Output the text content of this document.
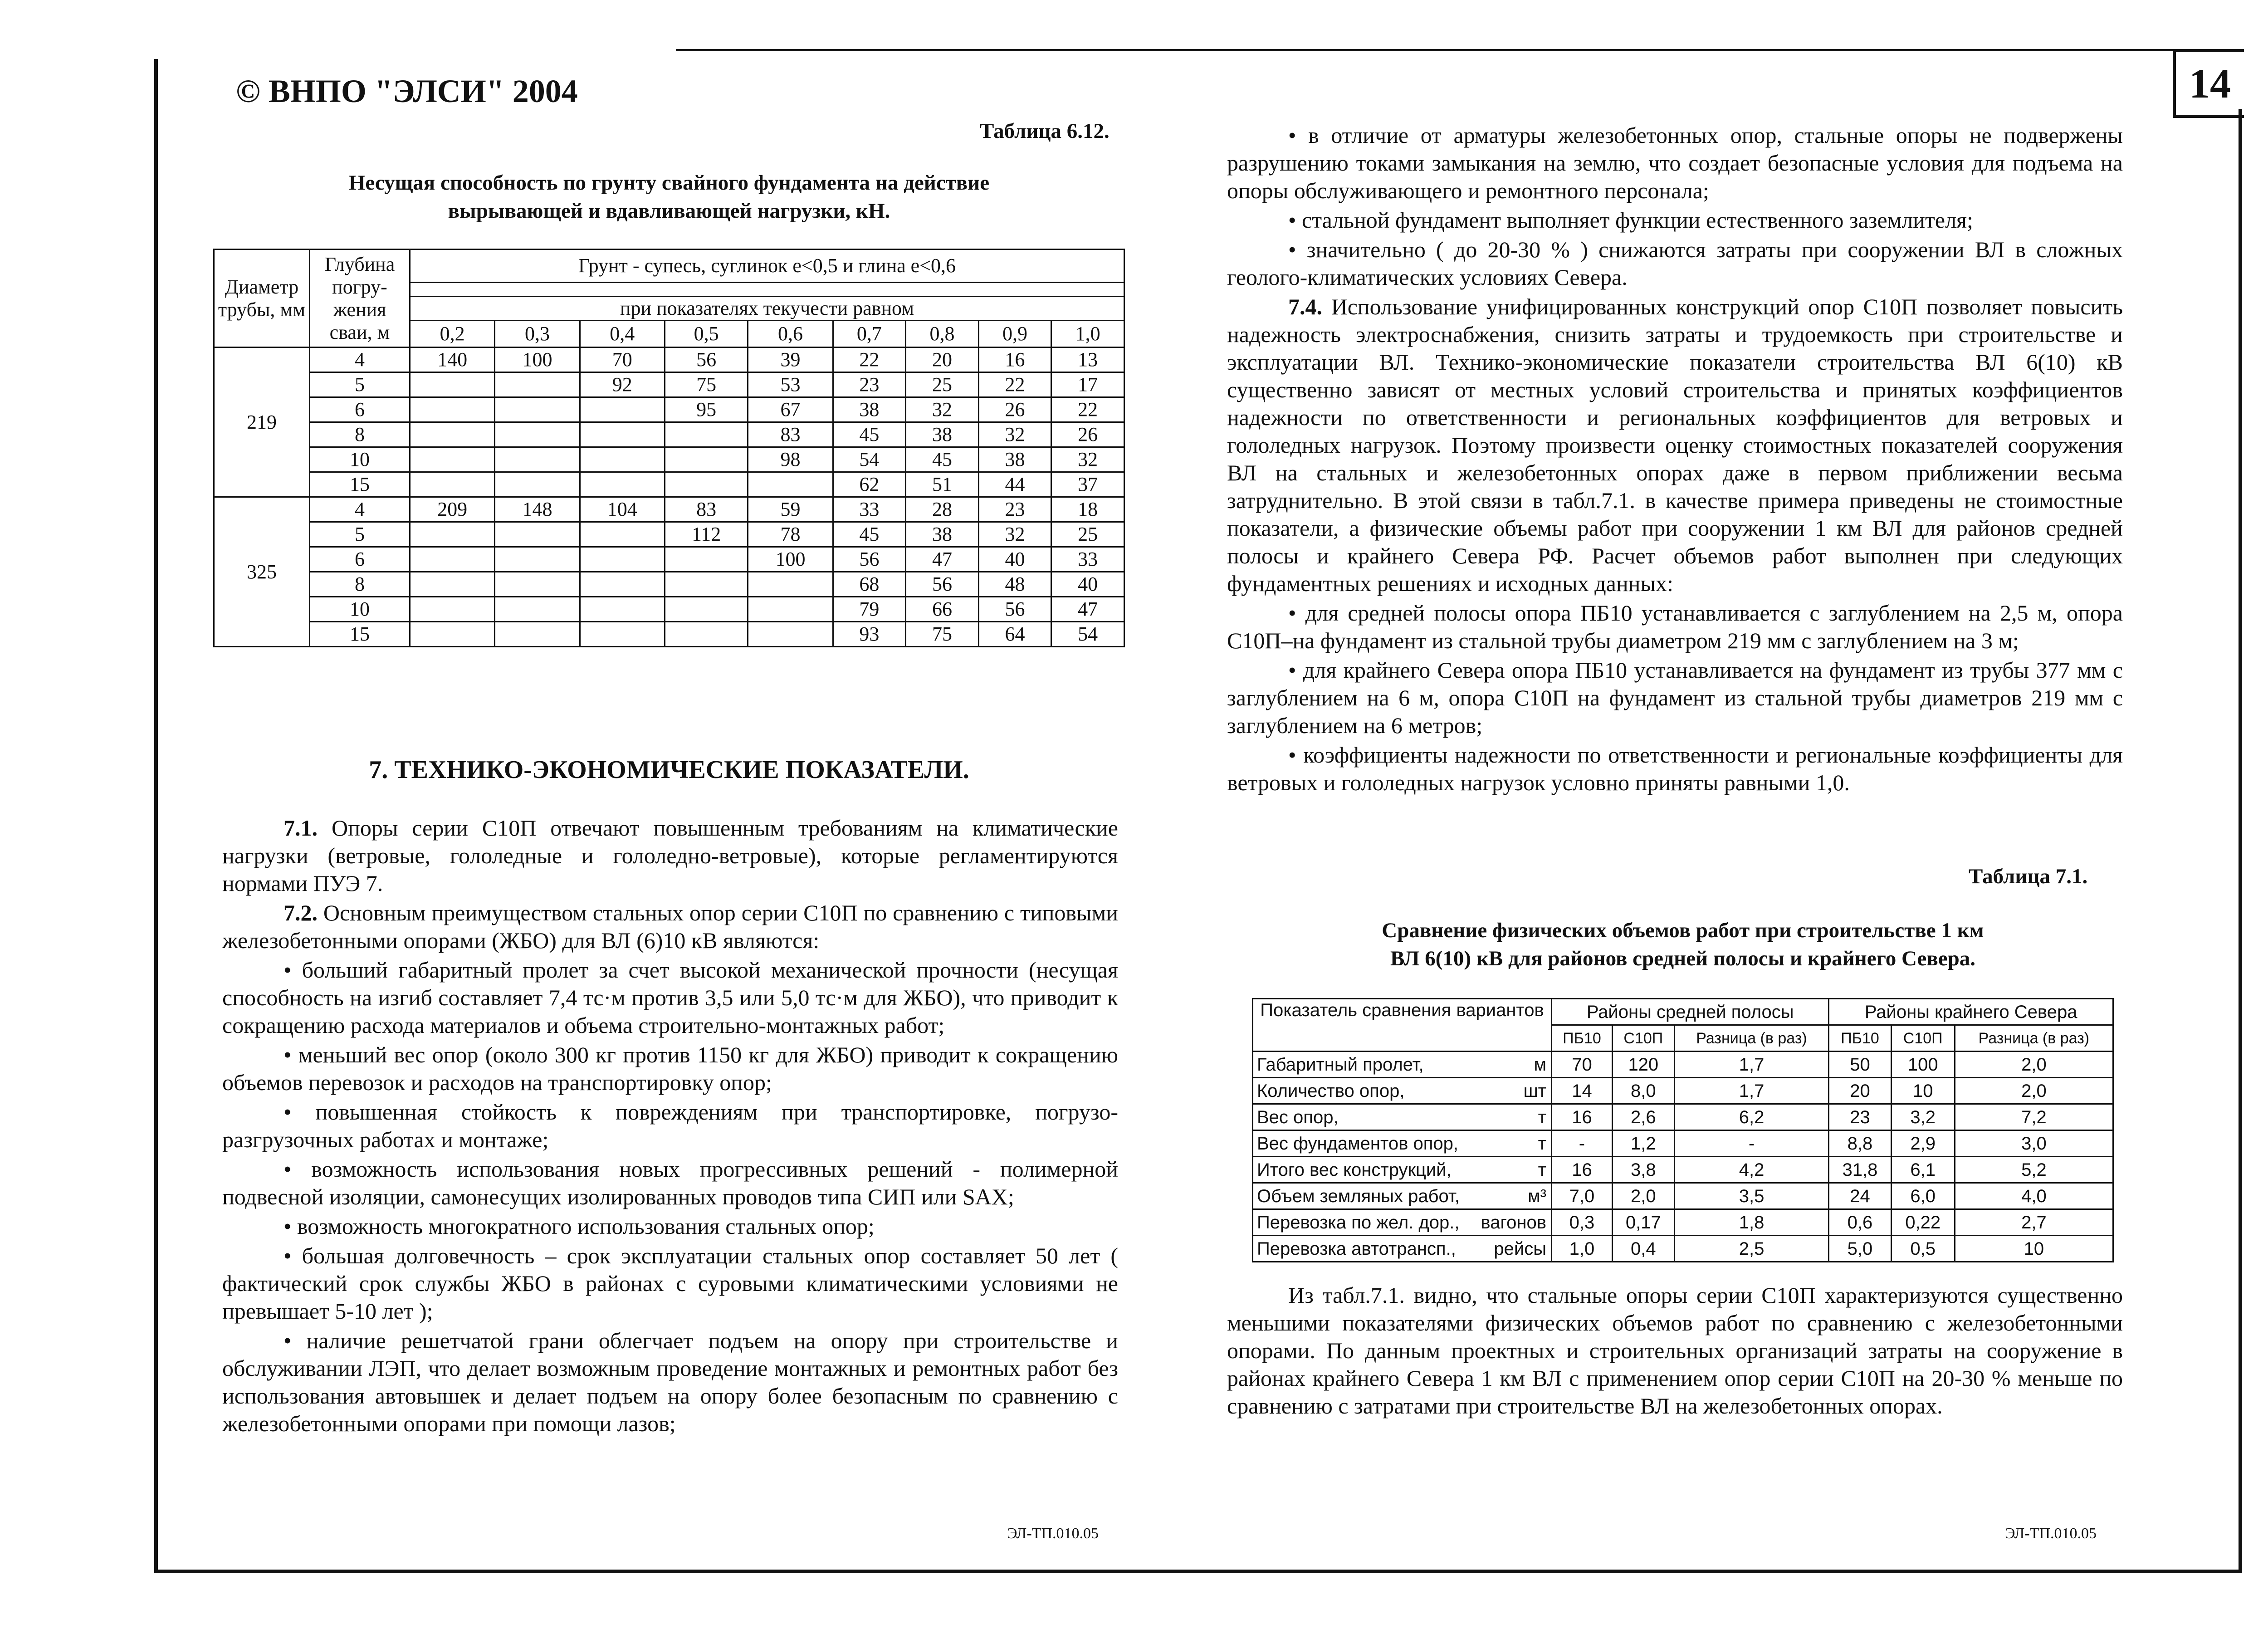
14
© ВНПО "ЭЛСИ" 2004
Таблица 6.12.
Несущая способность по грунту свайного фундамента на действие
вырывающей и вдавливающей нагрузки, кН.
Диаметр трубы, мм	Глубина погру-жения сваи, м	Грунт - супесь, суглинок е<0,5 и глина е<0,6								

		при показателях текучести равном								
		0,2	0,3	0,4	0,5	0,6	0,7	0,8	0,9	1,0
219	4	140	100	70	56	39	22	20	16	13
	5			92	75	53	23	25	22	17
	6				95	67	38	32	26	22
	8					83	45	38	32	26
	10					98	54	45	38	32
	15						62	51	44	37
325	4	209	148	104	83	59	33	28	23	18
	5				112	78	45	38	32	25
	6					100	56	47	40	33
	8						68	56	48	40
	10						79	66	56	47
	15						93	75	64	54
7. ТЕХНИКО-ЭКОНОМИЧЕСКИЕ ПОКАЗАТЕЛИ.

7.1. Опоры серии С10П отвечают повышенным требованиям на климатические нагрузки (ветровые, гололедные и гололедно-ветровые), которые регламентируются нормами ПУЭ 7.

7.2. Основным преимуществом стальных опор серии С10П по сравнению с типовыми железобетонными опорами (ЖБО) для ВЛ (6)10 кВ являются:

• больший габаритный пролет за счет высокой механической прочности (несущая способность на изгиб составляет 7,4 тс·м против 3,5 или 5,0 тс·м для ЖБО), что приводит к сокращению расхода материалов и объема строительно-монтажных работ;

• меньший вес опор (около 300 кг против 1150 кг для ЖБО) приводит к сокращению объемов перевозок и расходов на транспортировку опор;

• повышенная стойкость к повреждениям при транспортировке, погрузо-разгрузочных работах и монтаже;

• возможность использования новых прогрессивных решений - полимерной подвесной изоляции, самонесущих изолированных проводов типа СИП или SAX;

• возможность многократного использования стальных опор;

• большая долговечность – срок эксплуатации стальных опор составляет 50 лет ( фактический срок службы ЖБО в районах с суровыми климатическими условиями не превышает 5-10 лет );

• наличие решетчатой грани облегчает подъем на опору при строительстве и обслуживании ЛЭП, что делает возможным проведение монтажных и ремонтных работ без использования автовышек и делает подъем на опору более безопасным по сравнению с железобетонными опорами при помощи лазов;

• в отличие от арматуры железобетонных опор, стальные опоры не подвержены разрушению токами замыкания на землю, что создает безопасные условия для подъема на опоры обслуживающего и ремонтного персонала;

• стальной фундамент выполняет функции естественного заземлителя;

• значительно ( до 20-30 % ) снижаются затраты при сооружении ВЛ в сложных геолого-климатических условиях Севера.

7.4. Использование унифицированных конструкций опор С10П позволяет повысить надежность электроснабжения, снизить затраты и трудоемкость при строительстве и эксплуатации ВЛ. Технико-экономические показатели строительства ВЛ 6(10) кВ существенно зависят от местных условий строительства и принятых коэффициентов надежности по ответственности и региональных коэффициентов для ветровых и гололедных нагрузок. Поэтому произвести оценку стоимостных показателей сооружения ВЛ на стальных и железобетонных опорах даже в первом приближении весьма затруднительно. В этой связи в табл.7.1. в качестве примера приведены не стоимостные показатели, а физические объемы работ при сооружении 1 км ВЛ для районов средней полосы и крайнего Севера РФ. Расчет объемов работ выполнен при следующих фундаментных решениях и исходных данных:

• для средней полосы опора ПБ10 устанавливается с заглублением на 2,5 м, опора С10П–на фундамент из стальной трубы диаметром 219 мм с заглублением на 3 м;

• для крайнего Севера опора ПБ10 устанавливается на фундамент из трубы 377 мм с заглублением на 6 м, опора С10П на фундамент из стальной трубы диаметров 219 мм с заглублением на 6 метров;

• коэффициенты надежности по ответственности и региональные коэффициенты для ветровых и гололедных нагрузок условно приняты равными 1,0.

Таблица 7.1.
Сравнение физических объемов работ при строительстве 1 км
ВЛ 6(10) кВ для районов средней полосы и крайнего Севера.
Показатель сравнения вариантов	Районы средней полосы			Районы крайнего Севера		
	ПБ10	С10П	Разница (в раз)	ПБ10	С10П	Разница (в раз)
Габаритный пролет, м	70	120	1,7	50	100	2,0
Количество опор, шт	14	8,0	1,7	20	10	2,0
Вес опор, т	16	2,6	6,2	23	3,2	7,2
Вес фундаментов опор, т	-	1,2	-	8,8	2,9	3,0
Итого вес конструкций, т	16	3,8	4,2	31,8	6,1	5,2
Объем земляных работ, м³	7,0	2,0	3,5	24	6,0	4,0
Перевозка по жел. дор., вагонов	0,3	0,17	1,8	0,6	0,22	2,7
Перевозка автотрансп., рейсы	1,0	0,4	2,5	5,0	0,5	10

Из табл.7.1. видно, что стальные опоры серии С10П характеризуются существенно меньшими показателями физических объемов работ по сравнению с железобетонными опорами. По данным проектных и строительных организаций затраты на сооружение в районах крайнего Севера 1 км ВЛ с применением опор серии С10П на 20-30 % меньше по сравнению с затратами при строительстве ВЛ на железобетонных опорах.

ЭЛ-ТП.010.05	ЭЛ-ТП.010.05
